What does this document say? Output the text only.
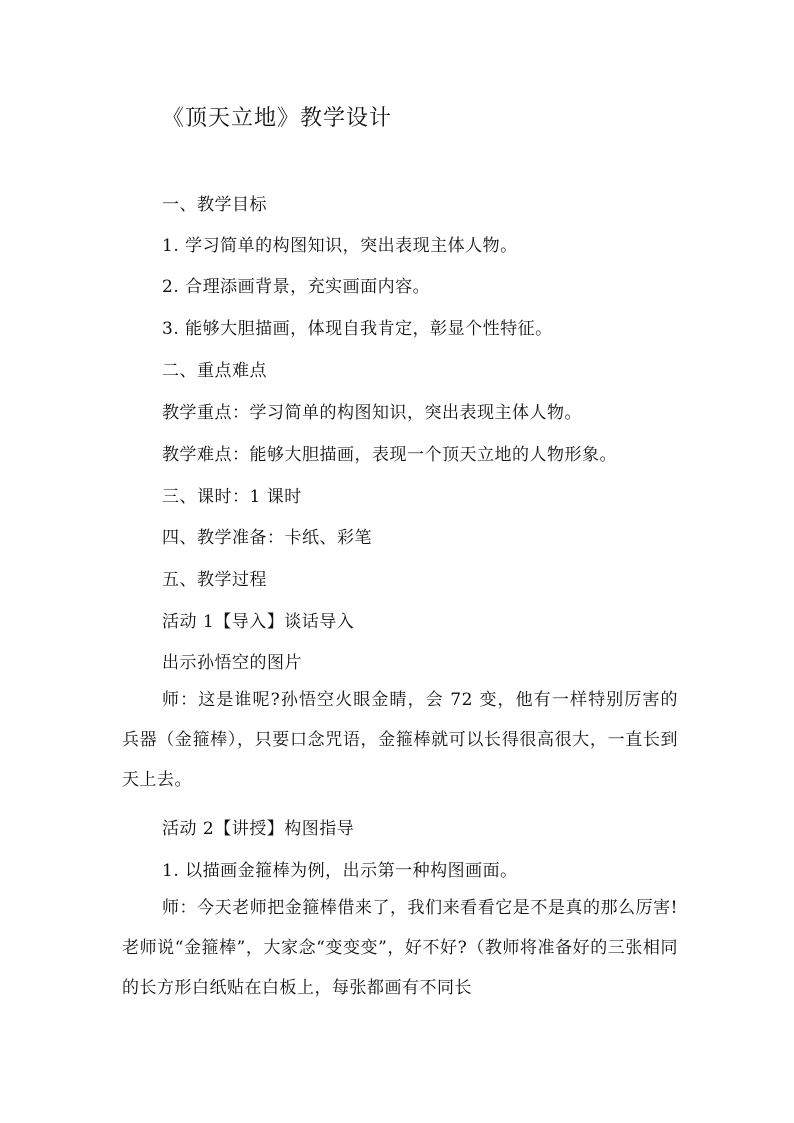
《顶天立地》教学设计
一、教学目标
1. 学习简单的构图知识，突出表现主体人物。
2. 合理添画背景，充实画面内容。
3. 能够大胆描画，体现自我肯定，彰显个性特征。
二、重点难点
教学重点：学习简单的构图知识，突出表现主体人物。
教学难点：能够大胆描画，表现一个顶天立地的人物形象。
三、课时：1 课时
四、教学准备：卡纸、彩笔
五、教学过程
活动 1【导入】谈话导入
出示孙悟空的图片
师：这是谁呢?孙悟空火眼金睛，会 72 变，他有一样特别厉害的兵器（金箍棒），只要口念咒语，金箍棒就可以长得很高很大，一直长到天上去。
活动 2【讲授】构图指导
1. 以描画金箍棒为例，出示第一种构图画面。
师：今天老师把金箍棒借来了，我们来看看它是不是真的那么厉害!老师说“金箍棒”，大家念“变变变”，好不好?（教师将准备好的三张相同的长方形白纸贴在白板上，每张都画有不同长
